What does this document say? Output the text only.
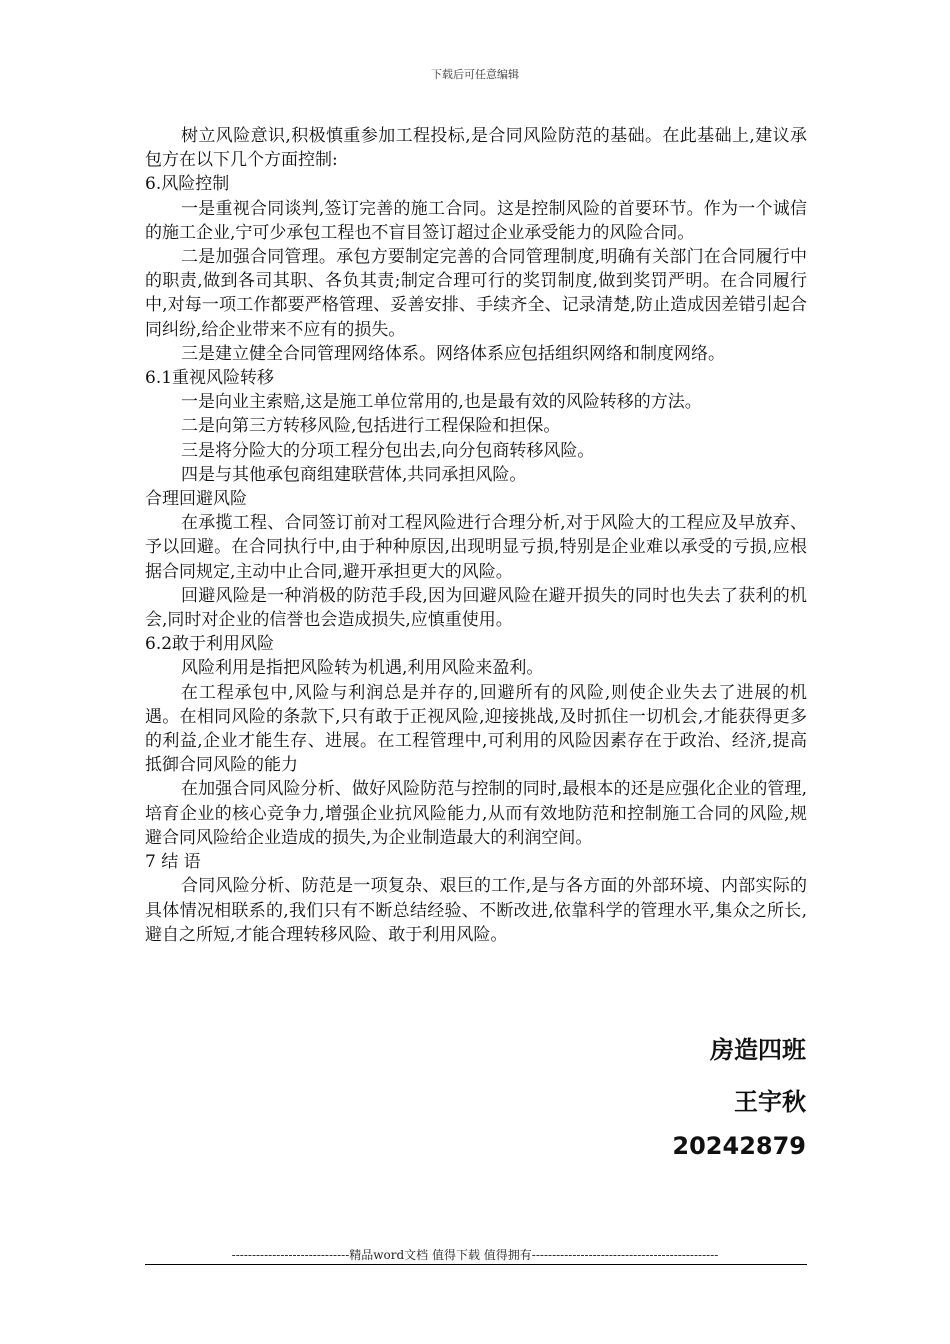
下载后可任意编辑

树立风险意识,积极慎重参加工程投标,是合同风险防范的基础。在此基础上,建议承包方在以下几个方面控制:

6.风险控制

一是重视合同谈判,签订完善的施工合同。这是控制风险的首要环节。作为一个诚信的施工企业,宁可少承包工程也不盲目签订超过企业承受能力的风险合同。

二是加强合同管理。承包方要制定完善的合同管理制度,明确有关部门在合同履行中的职责,做到各司其职、各负其责;制定合理可行的奖罚制度,做到奖罚严明。在合同履行中,对每一项工作都要严格管理、妥善安排、手续齐全、记录清楚,防止造成因差错引起合同纠纷,给企业带来不应有的损失。

三是建立健全合同管理网络体系。网络体系应包括组织网络和制度网络。

6.1重视风险转移

一是向业主索赔,这是施工单位常用的,也是最有效的风险转移的方法。

二是向第三方转移风险,包括进行工程保险和担保。

三是将分险大的分项工程分包出去,向分包商转移风险。

四是与其他承包商组建联营体,共同承担风险。

合理回避风险

在承揽工程、合同签订前对工程风险进行合理分析,对于风险大的工程应及早放弃、予以回避。在合同执行中,由于种种原因,出现明显亏损,特别是企业难以承受的亏损,应根据合同规定,主动中止合同,避开承担更大的风险。

回避风险是一种消极的防范手段,因为回避风险在避开损失的同时也失去了获利的机会,同时对企业的信誉也会造成损失,应慎重使用。

6.2敢于利用风险

风险利用是指把风险转为机遇,利用风险来盈利。

在工程承包中,风险与利润总是并存的,回避所有的风险,则使企业失去了进展的机遇。在相同风险的条款下,只有敢于正视风险,迎接挑战,及时抓住一切机会,才能获得更多的利益,企业才能生存、进展。在工程管理中,可利用的风险因素存在于政治、经济,提高抵御合同风险的能力

在加强合同风险分析、做好风险防范与控制的同时,最根本的还是应强化企业的管理,培育企业的核心竞争力,增强企业抗风险能力,从而有效地防范和控制施工合同的风险,规避合同风险给企业造成的损失,为企业制造最大的利润空间。

7 结 语

合同风险分析、防范是一项复杂、艰巨的工作,是与各方面的外部环境、内部实际的具体情况相联系的,我们只有不断总结经验、不断改进,依靠科学的管理水平,集众之所长,避自之所短,才能合理转移风险、敢于利用风险。

房造四班
王宇秋
20242879
-----------------------------精品word文档 值得下载 值得拥有----------------------------------------------
